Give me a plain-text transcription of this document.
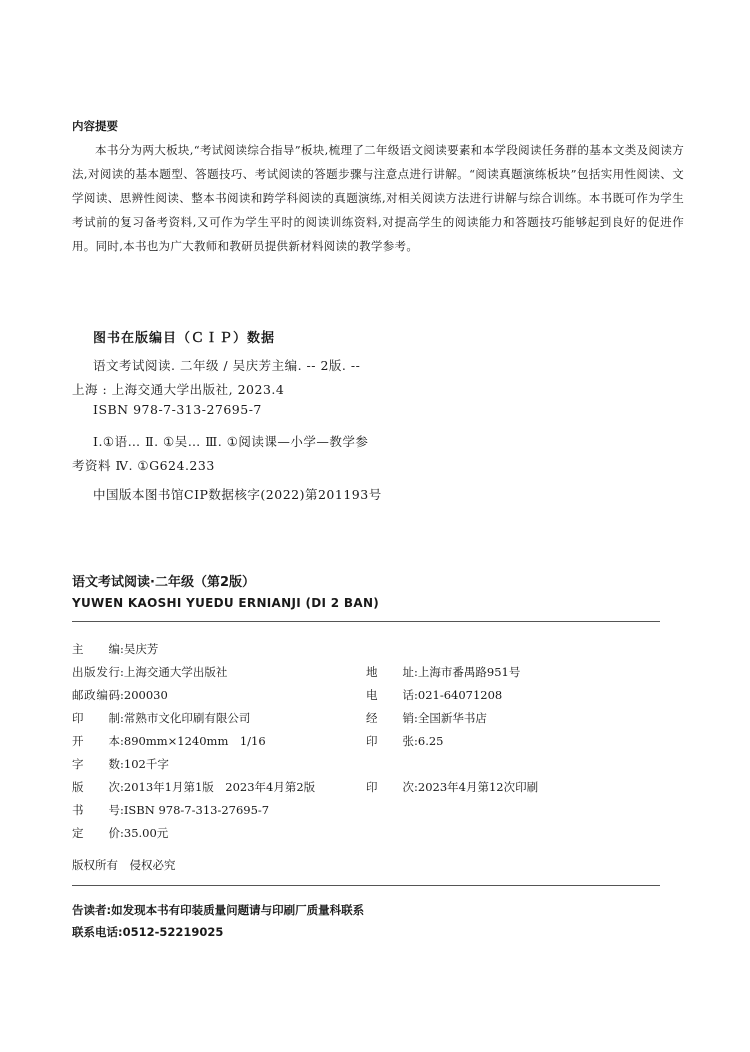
内容提要
本书分为两大板块,“考试阅读综合指导”板块,梳理了二年级语文阅读要素和本学段阅读任务群的基本文类及阅读方法,对阅读的基本题型、答题技巧、考试阅读的答题步骤与注意点进行讲解。“阅读真题演练板块”包括实用性阅读、文学阅读、思辨性阅读、整本书阅读和跨学科阅读的真题演练,对相关阅读方法进行讲解与综合训练。本书既可作为学生考试前的复习备考资料,又可作为学生平时的阅读训练资料,对提高学生的阅读能力和答题技巧能够起到良好的促进作用。同时,本书也为广大教师和教研员提供新材料阅读的教学参考。
图书在版编目（ＣＩＰ）数据
语文考试阅读. 二年级 / 吴庆芳主编. -- 2版. --
上海 : 上海交通大学出版社, 2023.4
ISBN 978-7-313-27695-7
Ⅰ.①语… Ⅱ. ①吴… Ⅲ. ①阅读课—小学—教学参
考资料 Ⅳ. ①G624.233
中国版本图书馆CIP数据核字(2022)第201193号
语文考试阅读·二年级（第2版）
YUWEN KAOSHI YUEDU ERNIANJI (DI 2 BAN)
主编:吴庆芳
出版发行:上海交通大学出版社
邮政编码:200030
印制:常熟市文化印刷有限公司
开本:890mm×1240mm　1/16
字数:102千字
版次:2013年1月第1版　2023年4月第2版
书号:ISBN 978-7-313-27695-7
定价:35.00元
地址:上海市番禺路951号
电话:021-64071208
经销:全国新华书店
印张:6.25
印次:2023年4月第12次印刷
版权所有　侵权必究
告读者:如发现本书有印装质量问题请与印刷厂质量科联系
联系电话:0512-52219025
